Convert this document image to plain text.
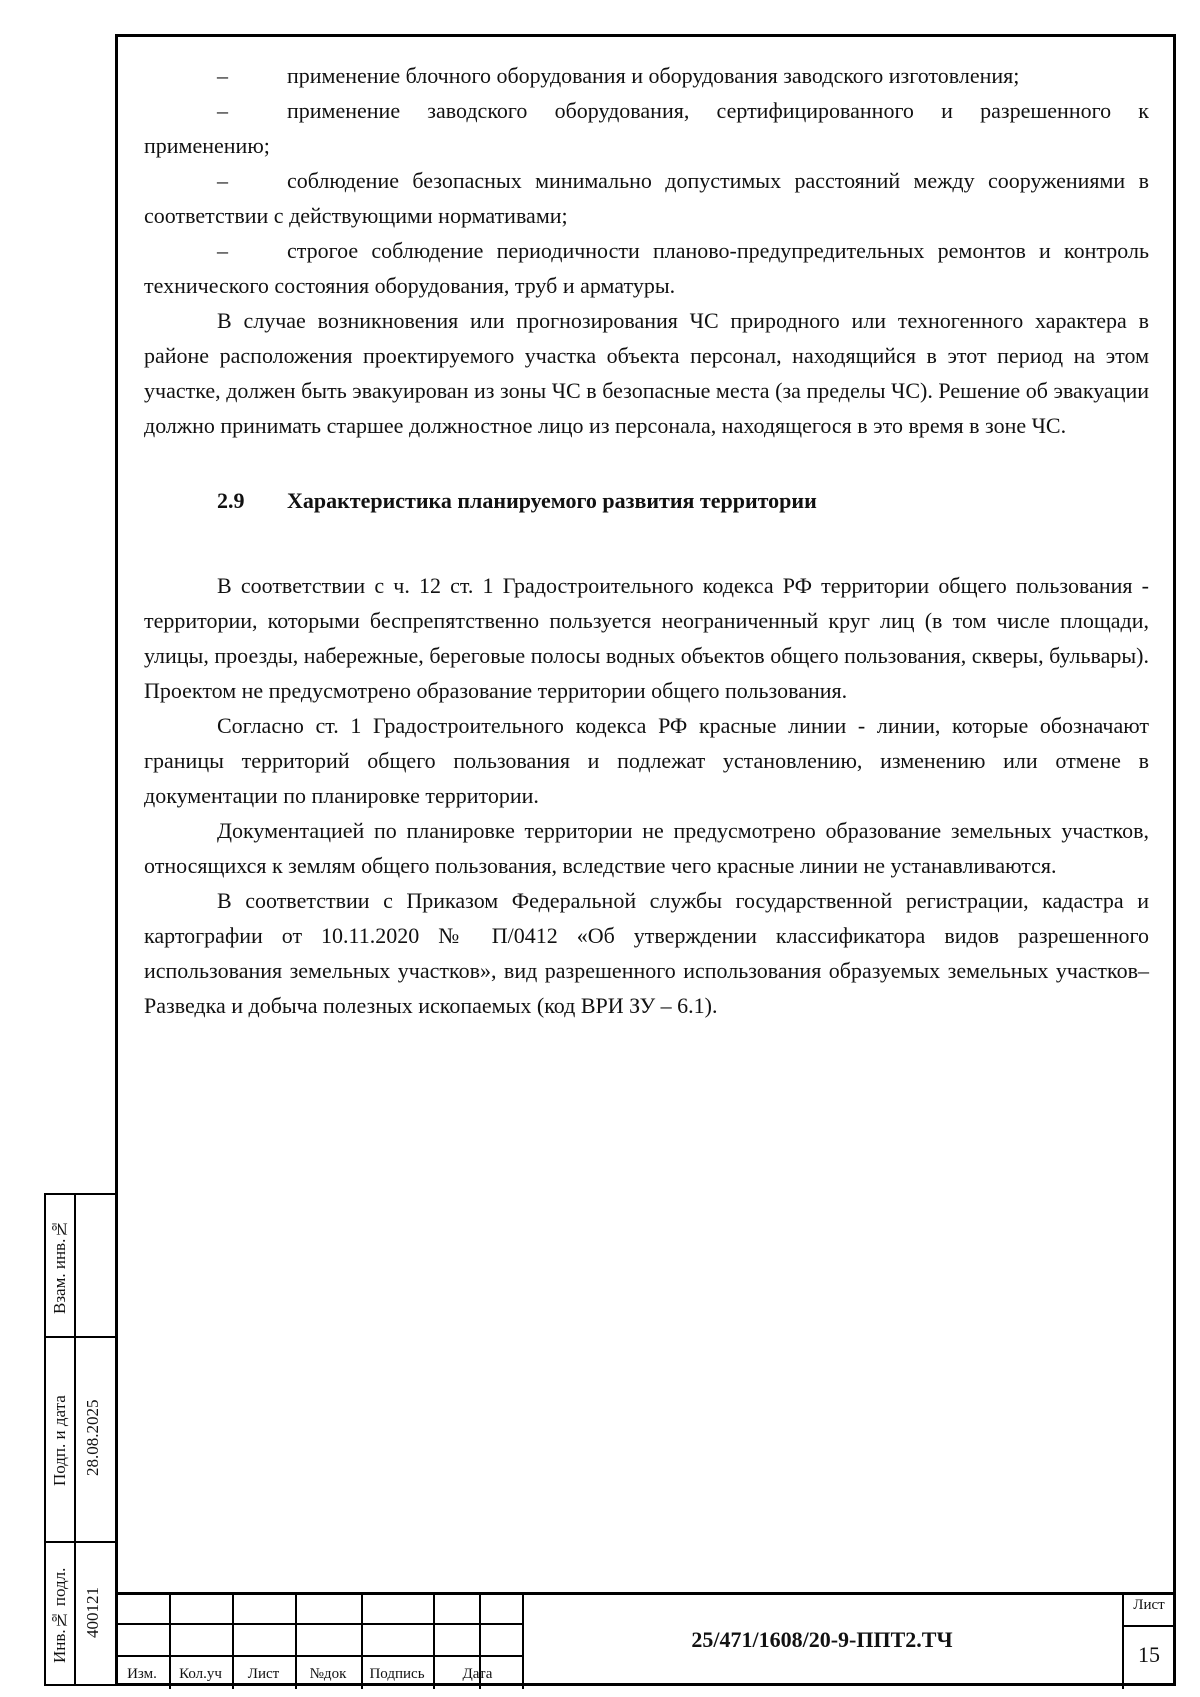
–	применение блочного оборудования и оборудования заводского изготовления;

–	применение заводского оборудования, сертифицированного и разрешенного к применению;

–	соблюдение безопасных минимально допустимых расстояний между сооружениями в соответствии с действующими нормативами;

–	строгое соблюдение периодичности планово-предупредительных ремонтов и контроль технического состояния оборудования, труб и арматуры.

В случае возникновения или прогнозирования ЧС природного или техногенного характера в районе расположения проектируемого участка объекта персонал, находящийся в этот период на этом участке, должен быть эвакуирован из зоны ЧС в безопасные места (за пределы ЧС). Решение об эвакуации должно принимать старшее должностное лицо из персонала, находящегося в это время в зоне ЧС.

2.9 Характеристика планируемого развития территории

В соответствии с ч. 12 ст. 1 Градостроительного кодекса РФ территории общего пользования - территории, которыми беспрепятственно пользуется неограниченный круг лиц (в том числе площади, улицы, проезды, набережные, береговые полосы водных объектов общего пользования, скверы, бульвары). Проектом не предусмотрено образование территории общего пользования.

Согласно ст. 1 Градостроительного кодекса РФ красные линии - линии, которые обозначают границы территорий общего пользования и подлежат установлению, изменению или отмене в документации по планировке территории.

Документацией по планировке территории не предусмотрено образование земельных участков, относящихся к землям общего пользования, вследствие чего красные линии не устанавливаются.

В соответствии с Приказом Федеральной службы государственной регистрации, кадастра и картографии от 10.11.2020 № П/0412 «Об утверждении классификатора видов разрешенного использования земельных участков», вид разрешенного использования образуемых земельных участков– Разведка и добыча полезных ископаемых (код ВРИ ЗУ – 6.1).

Взам. инв.№
Подп. и дата 28.08.2025
Инв.№ подл. 400121
Изм.	Кол.уч	Лист	№док	Подпись	Дата
25/471/1608/20-9-ППТ2.ТЧ
Лист
15
